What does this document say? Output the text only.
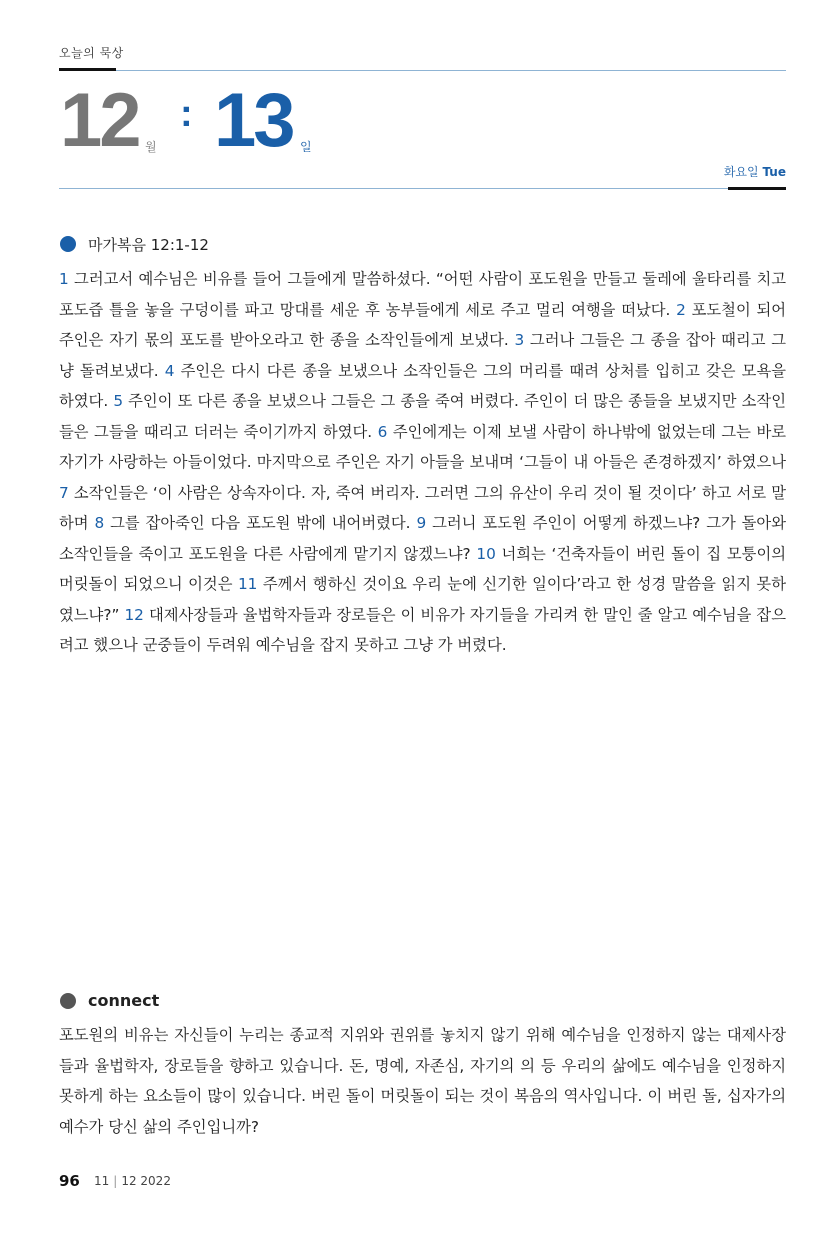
오늘의 묵상
12 월
: 13 일
화요일 Tue
마가복음 12:1-12
1 그러고서 예수님은 비유를 들어 그들에게 말씀하셨다. “어떤 사람이 포도원을 만들고 둘레에 울타리를 치고 포도즙 틀을 놓을 구덩이를 파고 망대를 세운 후 농부들에게 세로 주고 멀리 여행을 떠났다. 2 포도철이 되어 주인은 자기 몫의 포도를 받아오라고 한 종을 소작인들에게 보냈다. 3 그러나 그들은 그 종을 잡아 때리고 그냥 돌려보냈다. 4 주인은 다시 다른 종을 보냈으나 소작인들은 그의 머리를 때려 상처를 입히고 갖은 모욕을 하였다. 5 주인이 또 다른 종을 보냈으나 그들은 그 종을 죽여 버렸다. 주인이 더 많은 종들을 보냈지만 소작인들은 그들을 때리고 더러는 죽이기까지 하였다. 6 주인에게는 이제 보낼 사람이 하나밖에 없었는데 그는 바로 자기가 사랑하는 아들이었다. 마지막으로 주인은 자기 아들을 보내며 ‘그들이 내 아들은 존경하겠지’ 하였으나 7 소작인들은 ‘이 사람은 상속자이다. 자, 죽여 버리자. 그러면 그의 유산이 우리 것이 될 것이다’ 하고 서로 말하며 8 그를 잡아죽인 다음 포도원 밖에 내어버렸다. 9 그러니 포도원 주인이 어떻게 하겠느냐? 그가 돌아와 소작인들을 죽이고 포도원을 다른 사람에게 맡기지 않겠느냐? 10 너희는 ‘건축자들이 버린 돌이 집 모퉁이의 머릿돌이 되었으니 이것은 11 주께서 행하신 것이요 우리 눈에 신기한 일이다’라고 한 성경 말씀을 읽지 못하였느냐?” 12 대제사장들과 율법학자들과 장로들은 이 비유가 자기들을 가리켜 한 말인 줄 알고 예수님을 잡으려고 했으나 군중들이 두려워 예수님을 잡지 못하고 그냥 가 버렸다.
connect
포도원의 비유는 자신들이 누리는 종교적 지위와 권위를 놓치지 않기 위해 예수님을 인정하지 않는 대제사장들과 율법학자, 장로들을 향하고 있습니다. 돈, 명예, 자존심, 자기의 의 등 우리의 삶에도 예수님을 인정하지 못하게 하는 요소들이 많이 있습니다. 버린 돌이 머릿돌이 되는 것이 복음의 역사입니다. 이 버린 돌, 십자가의 예수가 당신 삶의 주인입니까?
96 11 | 12 2022
